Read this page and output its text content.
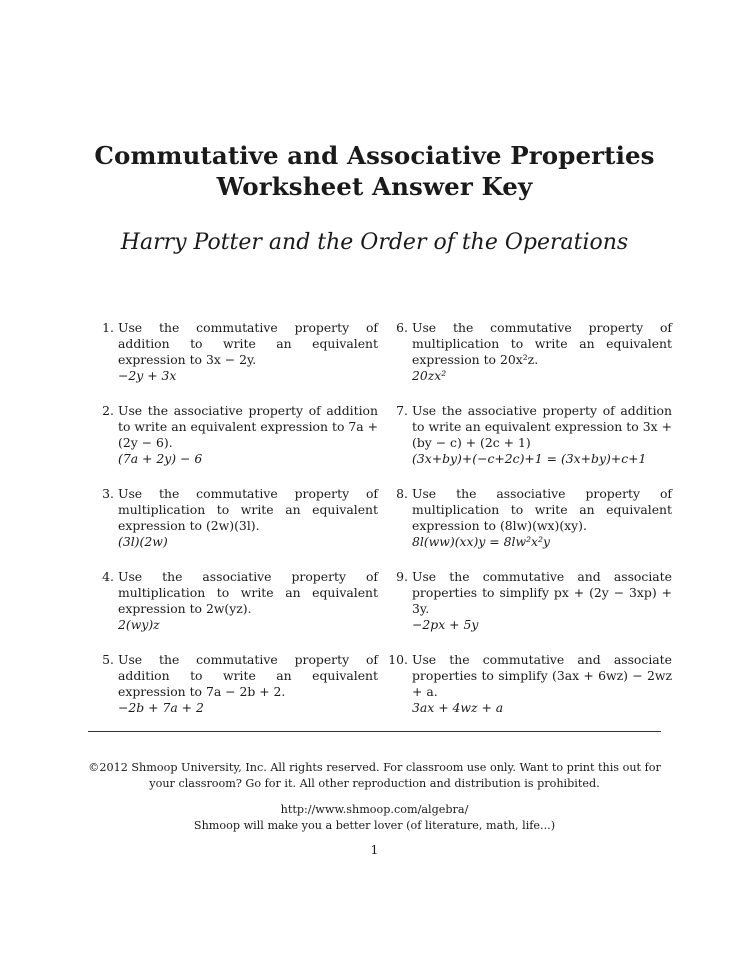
Commutative and Associative Properties
Worksheet Answer Key
Harry Potter and the Order of the Operations
1. Use the commutative property of addition to write an equivalent expression to 3x − 2y.
−2y + 3x
2. Use the associative property of addition to write an equivalent expression to 7a + (2y − 6).
(7a + 2y) − 6
3. Use the commutative property of multiplication to write an equivalent expression to (2w)(3l).
(3l)(2w)
4. Use the associative property of multiplication to write an equivalent expression to 2w(yz).
2(wy)z
5. Use the commutative property of addition to write an equivalent expression to 7a − 2b + 2.
−2b + 7a + 2
6. Use the commutative property of multiplication to write an equivalent expression to 20x²z.
20zx²
7. Use the associative property of addition to write an equivalent expression to 3x + (by − c) + (2c + 1)
(3x+by)+(−c+2c)+1 = (3x+by)+c+1
8. Use the associative property of multiplication to write an equivalent expression to (8lw)(wx)(xy).
8l(ww)(xx)y = 8lw²x²y
9. Use the commutative and associate properties to simplify px + (2y − 3xp) + 3y.
−2px + 5y
10. Use the commutative and associate properties to simplify (3ax + 6wz) − 2wz + a.
3ax + 4wz + a
©2012 Shmoop University, Inc. All rights reserved. For classroom use only. Want to print this out for your classroom? Go for it. All other reproduction and distribution is prohibited.
http://www.shmoop.com/algebra/
Shmoop will make you a better lover (of literature, math, life...)
1
